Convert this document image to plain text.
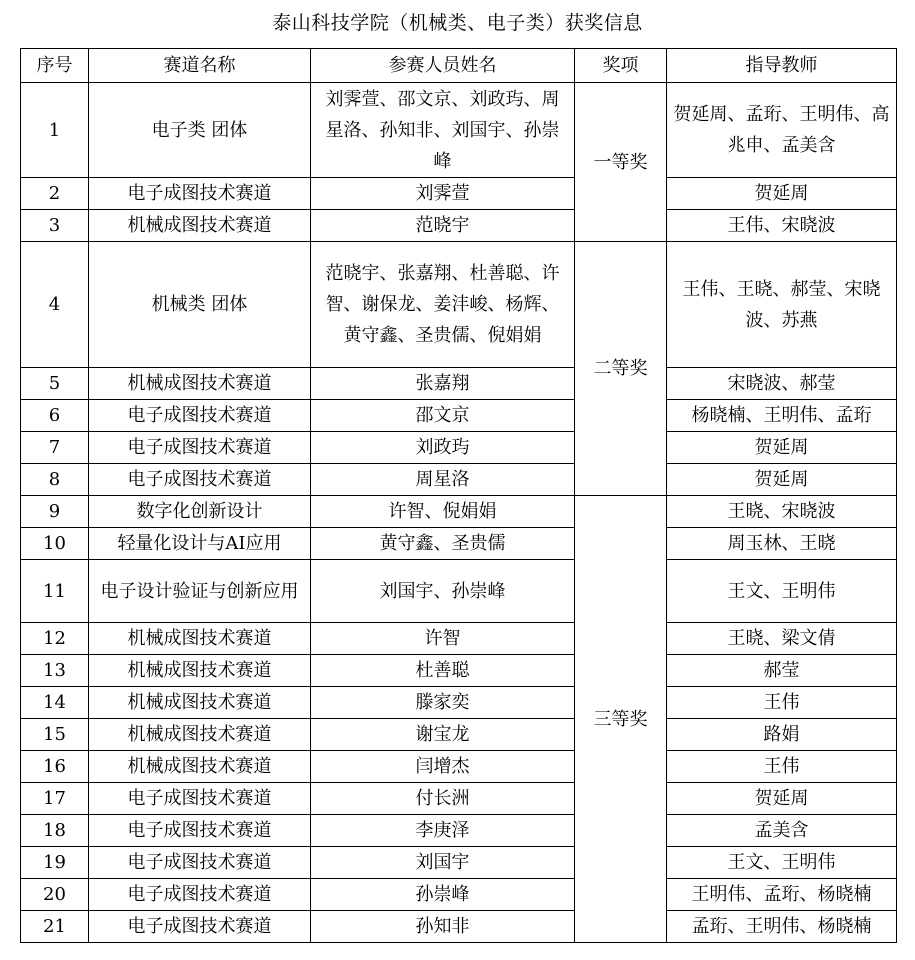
泰山科技学院（机械类、电子类）获奖信息
序号	赛道名称	参赛人员姓名	奖项	指导教师
1	电子类 团体	刘霁萱、邵文京、刘政玙、周星洛、孙知非、刘国宇、孙崇峰	一等奖	贺延周、孟珩、王明伟、高兆申、孟美含
2	电子成图技术赛道	刘霁萱		贺延周
3	机械成图技术赛道	范晓宇		王伟、宋晓波
4	机械类 团体	范晓宇、张嘉翔、杜善聪、许智、谢保龙、姜沣峻、杨辉、黄守鑫、圣贵儒、倪娟娟	二等奖	王伟、王晓、郝莹、宋晓波、苏燕
5	机械成图技术赛道	张嘉翔		宋晓波、郝莹
6	电子成图技术赛道	邵文京		杨晓楠、王明伟、孟珩
7	电子成图技术赛道	刘政玙		贺延周
8	电子成图技术赛道	周星洛		贺延周
9	数字化创新设计	许智、倪娟娟	三等奖	王晓、宋晓波
10	轻量化设计与AI应用	黄守鑫、圣贵儒		周玉林、王晓
11	电子设计验证与创新应用	刘国宇、孙崇峰		王文、王明伟
12	机械成图技术赛道	许智		王晓、梁文倩
13	机械成图技术赛道	杜善聪		郝莹
14	机械成图技术赛道	滕家奕		王伟
15	机械成图技术赛道	谢宝龙		路娟
16	机械成图技术赛道	闫增杰		王伟
17	电子成图技术赛道	付长洲		贺延周
18	电子成图技术赛道	李庚泽		孟美含
19	电子成图技术赛道	刘国宇		王文、王明伟
20	电子成图技术赛道	孙崇峰		王明伟、孟珩、杨晓楠
21	电子成图技术赛道	孙知非		孟珩、王明伟、杨晓楠
